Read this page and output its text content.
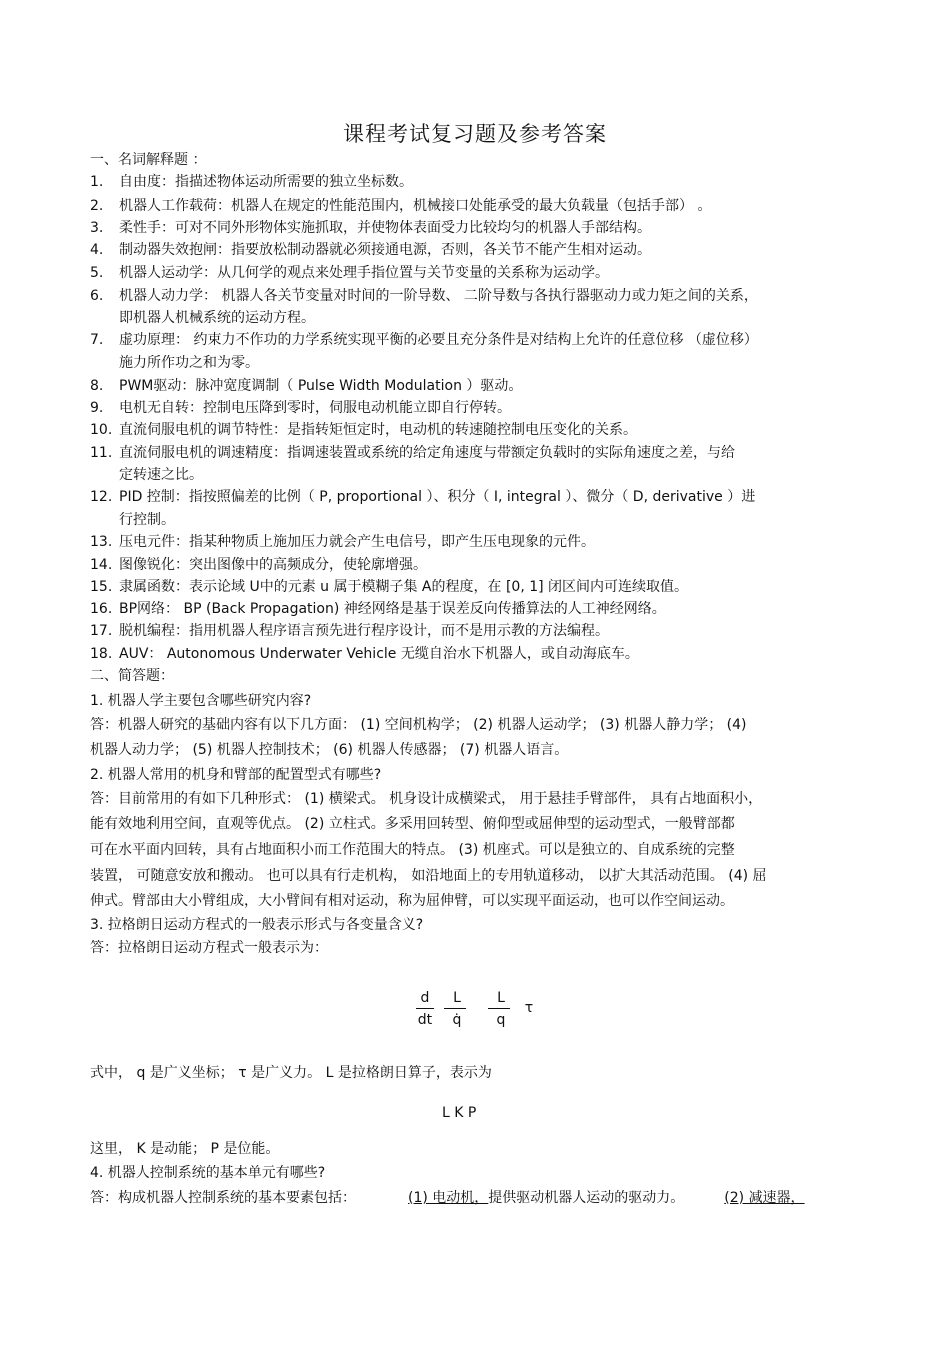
课程考试复习题及参考答案
一、名词解释题 ：
1. 自由度：指描述物体运动所需要的独立坐标数。
2. 机器人工作载荷：机器人在规定的性能范围内，机械接口处能承受的最大负载量（包括手部） 。
3. 柔性手：可对不同外形物体实施抓取，并使物体表面受力比较均匀的机器人手部结构。
4. 制动器失效抱闸：指要放松制动器就必须接通电源，否则，各关节不能产生相对运动。
5. 机器人运动学：从几何学的观点来处理手指位置与关节变量的关系称为运动学。
6. 机器人动力学： 机器人各关节变量对时间的一阶导数、 二阶导数与各执行器驱动力或力矩之间的关系，
即机器人机械系统的运动方程。
7. 虚功原理： 约束力不作功的力学系统实现平衡的必要且充分条件是对结构上允许的任意位移 （虚位移）
施力所作功之和为零。
8. PWM驱动：脉冲宽度调制（ Pulse Width Modulation ）驱动。
9. 电机无自转：控制电压降到零时，伺服电动机能立即自行停转。
10. 直流伺服电机的调节特性：是指转矩恒定时，电动机的转速随控制电压变化的关系。
11. 直流伺服电机的调速精度：指调速装置或系统的给定角速度与带额定负载时的实际角速度之差，与给
定转速之比。
12. PID 控制：指按照偏差的比例（ P, proportional ）、积分（ I, integral ）、微分（ D, derivative ）进
行控制。
13. 压电元件：指某种物质上施加压力就会产生电信号，即产生压电现象的元件。
14. 图像锐化：突出图像中的高频成分，使轮廓增强。
15. 隶属函数：表示论域 U中的元素 u 属于模糊子集 A的程度，在 [0, 1] 闭区间内可连续取值。
16. BP网络： BP (Back Propagation) 神经网络是基于误差反向传播算法的人工神经网络。
17. 脱机编程：指用机器人程序语言预先进行程序设计，而不是用示教的方法编程。
18. AUV： Autonomous Underwater Vehicle 无缆自治水下机器人，或自动海底车。
二、简答题：
1. 机器人学主要包含哪些研究内容?
答：机器人研究的基础内容有以下几方面： (1) 空间机构学； (2) 机器人运动学； (3) 机器人静力学； (4)
机器人动力学； (5) 机器人控制技术； (6) 机器人传感器； (7) 机器人语言。
2. 机器人常用的机身和臂部的配置型式有哪些?
答：目前常用的有如下几种形式： (1) 横梁式。 机身设计成横梁式， 用于悬挂手臂部件， 具有占地面积小，
能有效地利用空间，直观等优点。 (2) 立柱式。多采用回转型、俯仰型或屈伸型的运动型式，一般臂部都
可在水平面内回转，具有占地面积小而工作范围大的特点。 (3) 机座式。可以是独立的、自成系统的完整
装置， 可随意安放和搬动。 也可以具有行走机构， 如沿地面上的专用轨道移动， 以扩大其活动范围。 (4) 屈
伸式。臂部由大小臂组成，大小臂间有相对运动，称为屈伸臂，可以实现平面运动，也可以作空间运动。
3. 拉格朗日运动方程式的一般表示形式与各变量含义?
答：拉格朗日运动方程式一般表示为：
d
dt
L
q̇
L
q
τ
式中， q 是广义坐标； τ 是广义力。 L 是拉格朗日算子，表示为
L K P
这里， K 是动能； P 是位能。
4. 机器人控制系统的基本单元有哪些?
答：构成机器人控制系统的基本要素包括：	(1) 电动机，提供驱动机器人运动的驱动力。	(2) 减速器，
